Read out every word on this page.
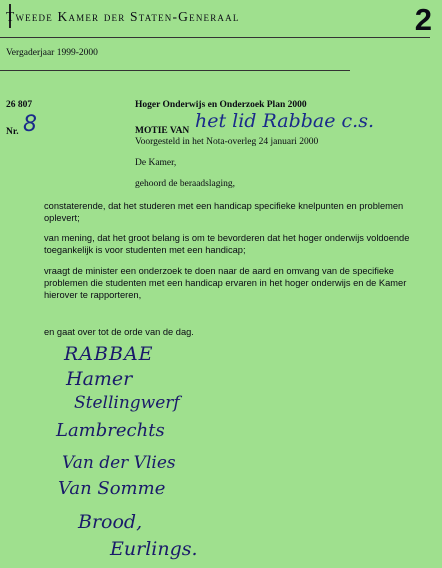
Tweede Kamer der Staten-Generaal	2
Vergaderjaar 1999-2000
26 807	Hoger Onderwijs en Onderzoek Plan 2000
Nr. 8	MOTIE VAN het lid Rabbae c.s.
Voorgesteld in het Nota-overleg 24 januari 2000
De Kamer,
gehoord de beraadslaging,
constaterende, dat het studeren met een handicap specifieke knelpunten en problemen oplevert;
van mening, dat het groot belang is om te bevorderen dat het hoger onderwijs voldoende toegankelijk is voor studenten met een handicap;
vraagt de minister een onderzoek te doen naar de aard en omvang van de specifieke problemen die studenten met een handicap ervaren in het hoger onderwijs en de Kamer hierover te rapporteren,
en gaat over tot de orde van de dag.
RABBAE
Hamer
Stellingwerf
Lambrechts
Van der Vlies
Van Somme
Brood,
Eurlings.
